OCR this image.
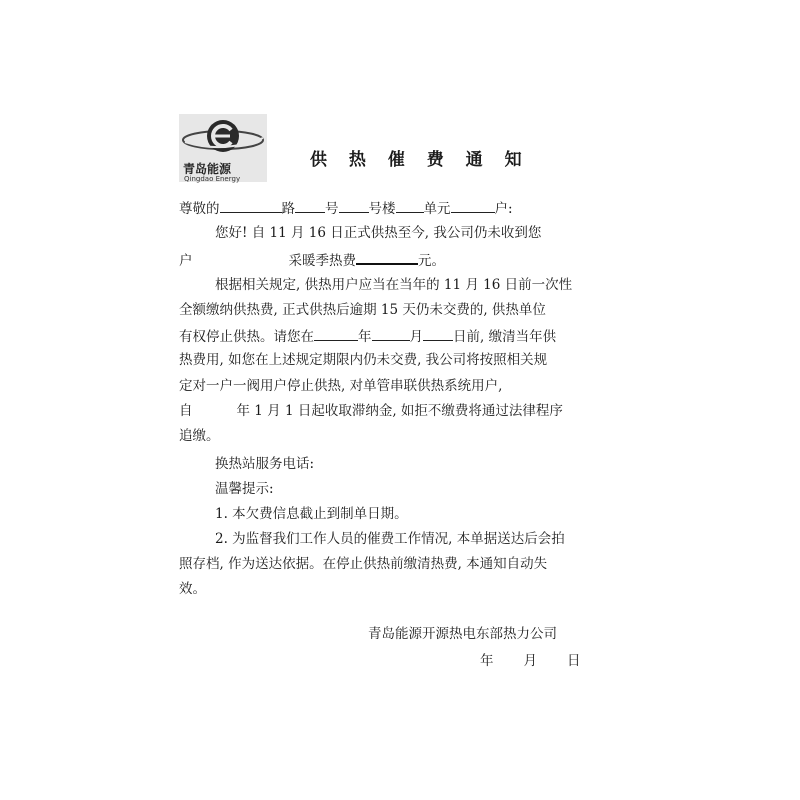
青岛能源
Qingdao Energy
供 热 催 费 通 知
尊敬的	路 号 号楼 单元	户:
您好! 自 11 月 16 日正式供热至今, 我公司仍未收到您
户	采暖季热费	元。
根据相关规定, 供热用户应当在当年的 11 月 16 日前一次性
全额缴纳供热费, 正式供热后逾期 15 天仍未交费的, 供热单位
有权停止供热。请您在	年	月 日前, 缴清当年供
热费用, 如您在上述规定期限内仍未交费, 我公司将按照相关规
定对一户一阀用户停止供热, 对单管串联供热系统用户,
自	年 1 月 1 日起收取滞纳金, 如拒不缴费将通过法律程序
追缴。
换热站服务电话:
温馨提示:
1. 本欠费信息截止到制单日期。
2. 为监督我们工作人员的催费工作情况, 本单据送达后会拍
照存档, 作为送达依据。在停止供热前缴清热费, 本通知自动失
效。
青岛能源开源热电东部热力公司
年 月 日
